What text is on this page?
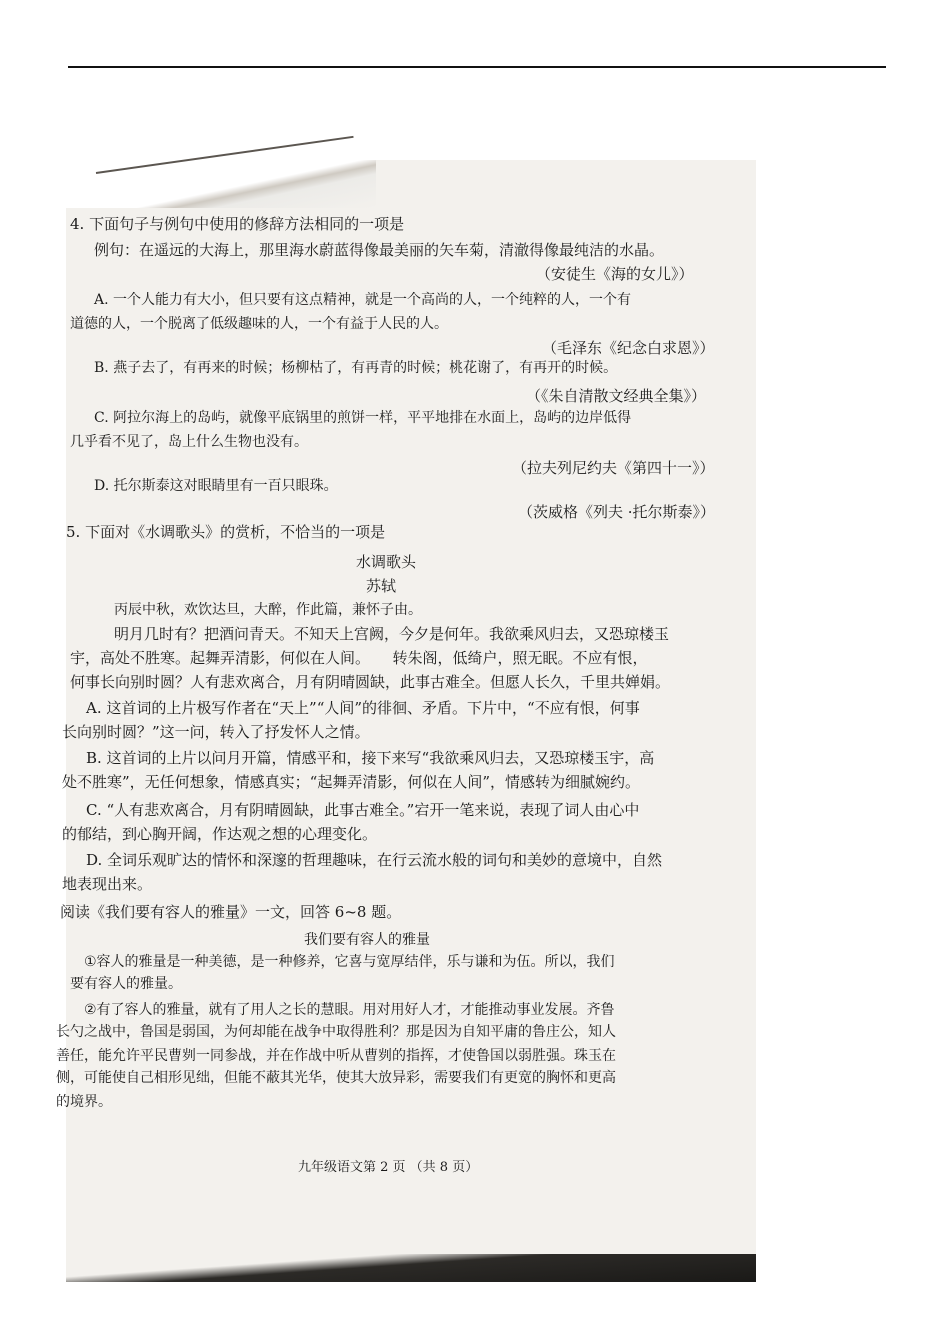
4. 下面句子与例句中使用的修辞方法相同的一项是
例句：在遥远的大海上，那里海水蔚蓝得像最美丽的矢车菊，清澈得像最纯洁的水晶。
（安徒生《海的女儿》）
A. 一个人能力有大小，但只要有这点精神，就是一个高尚的人，一个纯粹的人，一个有
道德的人，一个脱离了低级趣味的人，一个有益于人民的人。
（毛泽东《纪念白求恩》）
B. 燕子去了，有再来的时候；杨柳枯了，有再青的时候；桃花谢了，有再开的时候。
（《朱自清散文经典全集》）
C. 阿拉尔海上的岛屿，就像平底锅里的煎饼一样，平平地排在水面上，岛屿的边岸低得
几乎看不见了，岛上什么生物也没有。
（拉夫列尼约夫《第四十一》）
D. 托尔斯泰这对眼睛里有一百只眼珠。
（茨威格《列夫 ·托尔斯泰》）
5. 下面对《水调歌头》的赏析，不恰当的一项是
水调歌头
苏轼
丙辰中秋，欢饮达旦，大醉，作此篇，兼怀子由。
明月几时有？把酒问青天。不知天上宫阙，今夕是何年。我欲乘风归去，又恐琼楼玉
宇，高处不胜寒。起舞弄清影，何似在人间。　　转朱阁，低绮户，照无眠。不应有恨，
何事长向别时圆？人有悲欢离合，月有阴晴圆缺，此事古难全。但愿人长久，千里共婵娟。
A. 这首词的上片极写作者在“天上”“人间”的徘徊、矛盾。下片中，“不应有恨，何事
长向别时圆？”这一问，转入了抒发怀人之情。
B. 这首词的上片以问月开篇，情感平和，接下来写“我欲乘风归去，又恐琼楼玉宇，高
处不胜寒”，无任何想象，情感真实；“起舞弄清影，何似在人间”，情感转为细腻婉约。
C. “人有悲欢离合，月有阴晴圆缺，此事古难全。”宕开一笔来说，表现了词人由心中
的郁结，到心胸开阔，作达观之想的心理变化。
D. 全词乐观旷达的情怀和深邃的哲理趣味，在行云流水般的词句和美妙的意境中，自然
地表现出来。
阅读《我们要有容人的雅量》一文，回答 6~8 题。
我们要有容人的雅量
①容人的雅量是一种美德，是一种修养，它喜与宽厚结伴，乐与谦和为伍。所以，我们
要有容人的雅量。
②有了容人的雅量，就有了用人之长的慧眼。用对用好人才，才能推动事业发展。齐鲁
长勺之战中，鲁国是弱国，为何却能在战争中取得胜利？那是因为自知平庸的鲁庄公，知人
善任，能允许平民曹刿一同参战，并在作战中听从曹刿的指挥，才使鲁国以弱胜强。珠玉在
侧，可能使自己相形见绌，但能不蔽其光华，使其大放异彩，需要我们有更宽的胸怀和更高
的境界。
九年级语文第 2 页 （共 8 页）
